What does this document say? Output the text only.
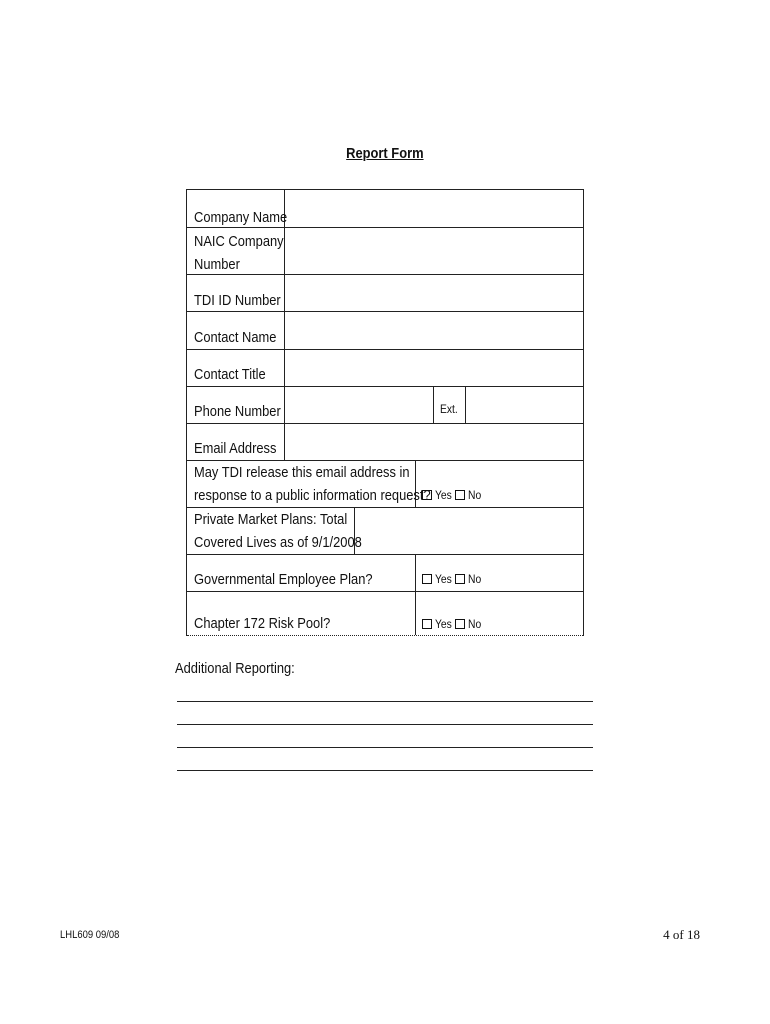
Report Form
Company Name
NAIC Company
Number
TDI ID Number
Contact Name
Contact Title
Phone Number	Ext.
Email Address
May TDI release this email address in
response to a public information request?
Private Market Plans: Total
Covered Lives as of 9/1/2008
Governmental Employee Plan?
Chapter 172 Risk Pool?
Yes No
Yes No
Yes No
Additional Reporting:
LHL609 09/08	4 of 18
